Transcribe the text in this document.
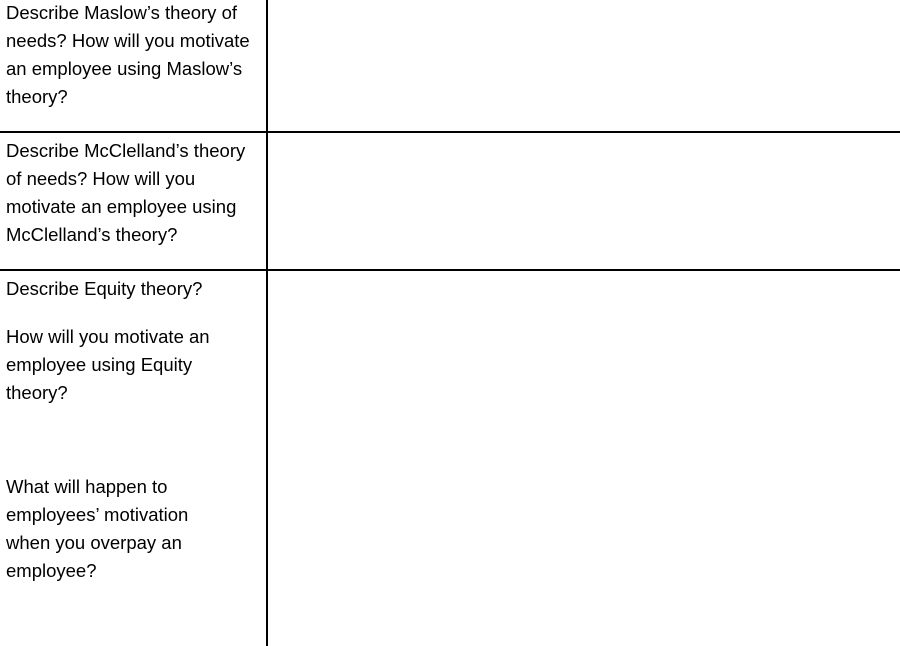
Describe Maslow’s theory of needs? How will you motivate an employee using Maslow’s theory?

Describe McClelland’s theory of needs? How will you motivate an employee using McClelland’s theory?

Describe Equity theory?

How will you motivate an employee using Equity theory?

What will happen to employees’ motivation when you overpay an employee?
